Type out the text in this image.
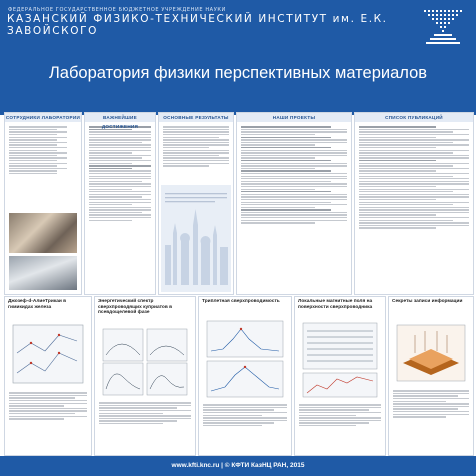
ФЕДЕРАЛЬНОЕ ГОСУДАРСТВЕННОЕ БЮДЖЕТНОЕ УЧРЕЖДЕНИЕ НАУКИ
КАЗАНСКИЙ ФИЗИКО-ТЕХНИЧЕСКИЙ ИНСТИТУТ им. Е.К. ЗАВОЙСКОГО
Лаборатория физики перспективных материалов
СОТРУДНИКИ ЛАБОРАТОРИИ	ВАЖНЕЙШИЕ ДОСТИЖЕНИЯ
ОСНОВНЫЕ РЕЗУЛЬТАТЫ	НАШИ ПРОЕКТЫ	СПИСОК ПУБЛИКАЦИЙ
Джозеф-d-АлиеTрикаи в гимикидах железа
Энергетический спектр сверхпроводящих куприатов в псевдощелевой фазе
Триплетная сверхпроводимость	Локальные магнитные поля на поверхности сверхпроводника
Секреты записи информации
www.kfti.knc.ru | © КФТИ КазНЦ РАН, 2015
